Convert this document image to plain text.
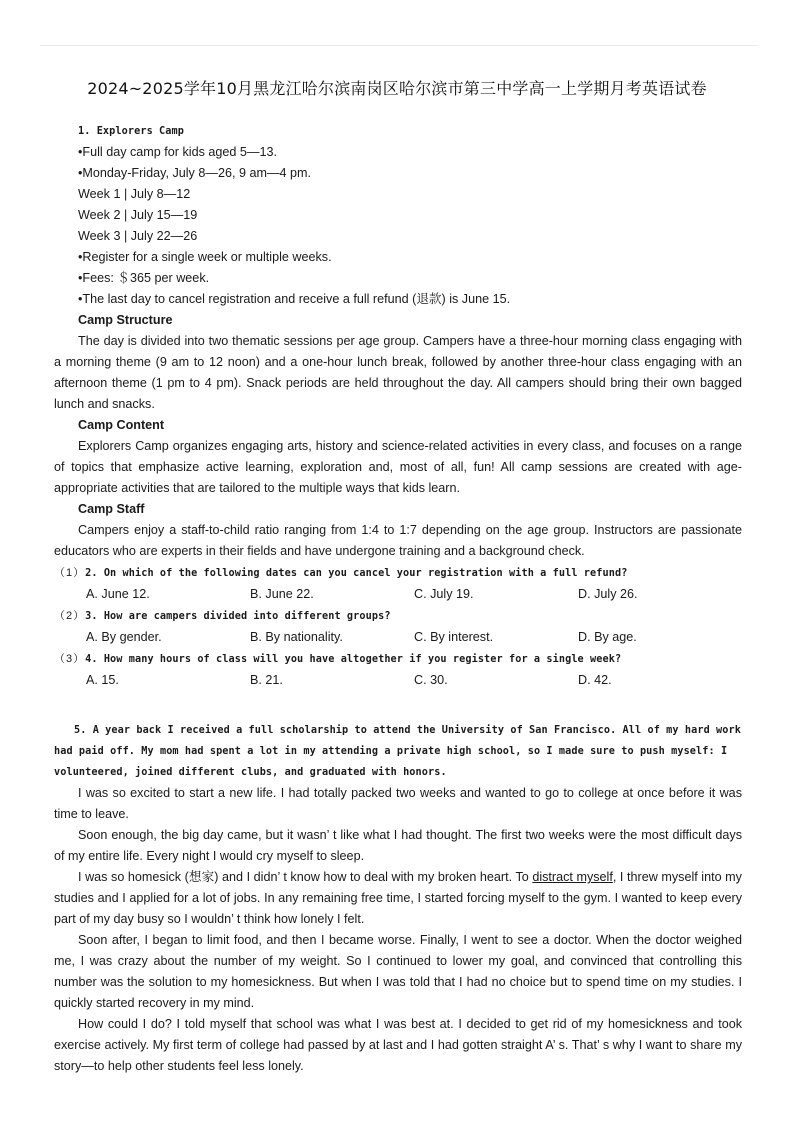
2024~2025学年10月黑龙江哈尔滨南岗区哈尔滨市第三中学高一上学期月考英语试卷
1. Explorers Camp
•Full day camp for kids aged 5—13.
•Monday-Friday, July 8—26, 9 am—4 pm.
Week 1 | July 8—12
Week 2 | July 15—19
Week 3 | July 22—26
•Register for a single week or multiple weeks.
•Fees: ＄365 per week.
•The last day to cancel registration and receive a full refund (退款) is June 15.
Camp Structure

The day is divided into two thematic sessions per age group. Campers have a three-hour morning class engaging with a morning theme (9 am to 12 noon) and a one-hour lunch break, followed by another three-hour class engaging with an afternoon theme (1 pm to 4 pm). Snack periods are held throughout the day. All campers should bring their own bagged lunch and snacks.

Camp Content

Explorers Camp organizes engaging arts, history and science-related activities in every class, and focuses on a range of topics that emphasize active learning, exploration and, most of all, fun! All camp sessions are created with age-appropriate activities that are tailored to the multiple ways that kids learn.

Camp Staff

Campers enjoy a staff-to-child ratio ranging from 1:4 to 1:7 depending on the age group. Instructors are passionate educators who are experts in their fields and have undergone training and a background check.

（1）2. On which of the following dates can you cancel your registration with a full refund?
A. June 12.	B. June 22.	C. July 19.	D. July 26.
（2）3. How are campers divided into different groups?
A. By gender.	B. By nationality.	C. By interest.	D. By age.
（3）4. How many hours of class will you have altogether if you register for a single week?
A. 15.	B. 21.	C. 30.	D. 42.

5. A year back I received a full scholarship to attend the University of San Francisco. All of my hard work had paid off. My mom had spent a lot in my attending a private high school, so I made sure to push myself: I volunteered, joined different clubs, and graduated with honors.

I was so excited to start a new life. I had totally packed two weeks and wanted to go to college at once before it was time to leave.

Soon enough, the big day came, but it wasn’ t like what I had thought. The first two weeks were the most difficult days of my entire life. Every night I would cry myself to sleep.

I was so homesick (想家) and I didn’ t know how to deal with my broken heart. To distract myself, I threw myself into my studies and I applied for a lot of jobs. In any remaining free time, I started forcing myself to the gym. I wanted to keep every part of my day busy so I wouldn’ t think how lonely I felt.

Soon after, I began to limit food, and then I became worse. Finally, I went to see a doctor. When the doctor weighed me, I was crazy about the number of my weight. So I continued to lower my goal, and convinced that controlling this number was the solution to my homesickness. But when I was told that I had no choice but to spend time on my studies. I quickly started recovery in my mind.

How could I do? I told myself that school was what I was best at. I decided to get rid of my homesickness and took exercise actively. My first term of college had passed by at last and I had gotten straight A’ s. That’ s why I want to share my story—to help other students feel less lonely.
